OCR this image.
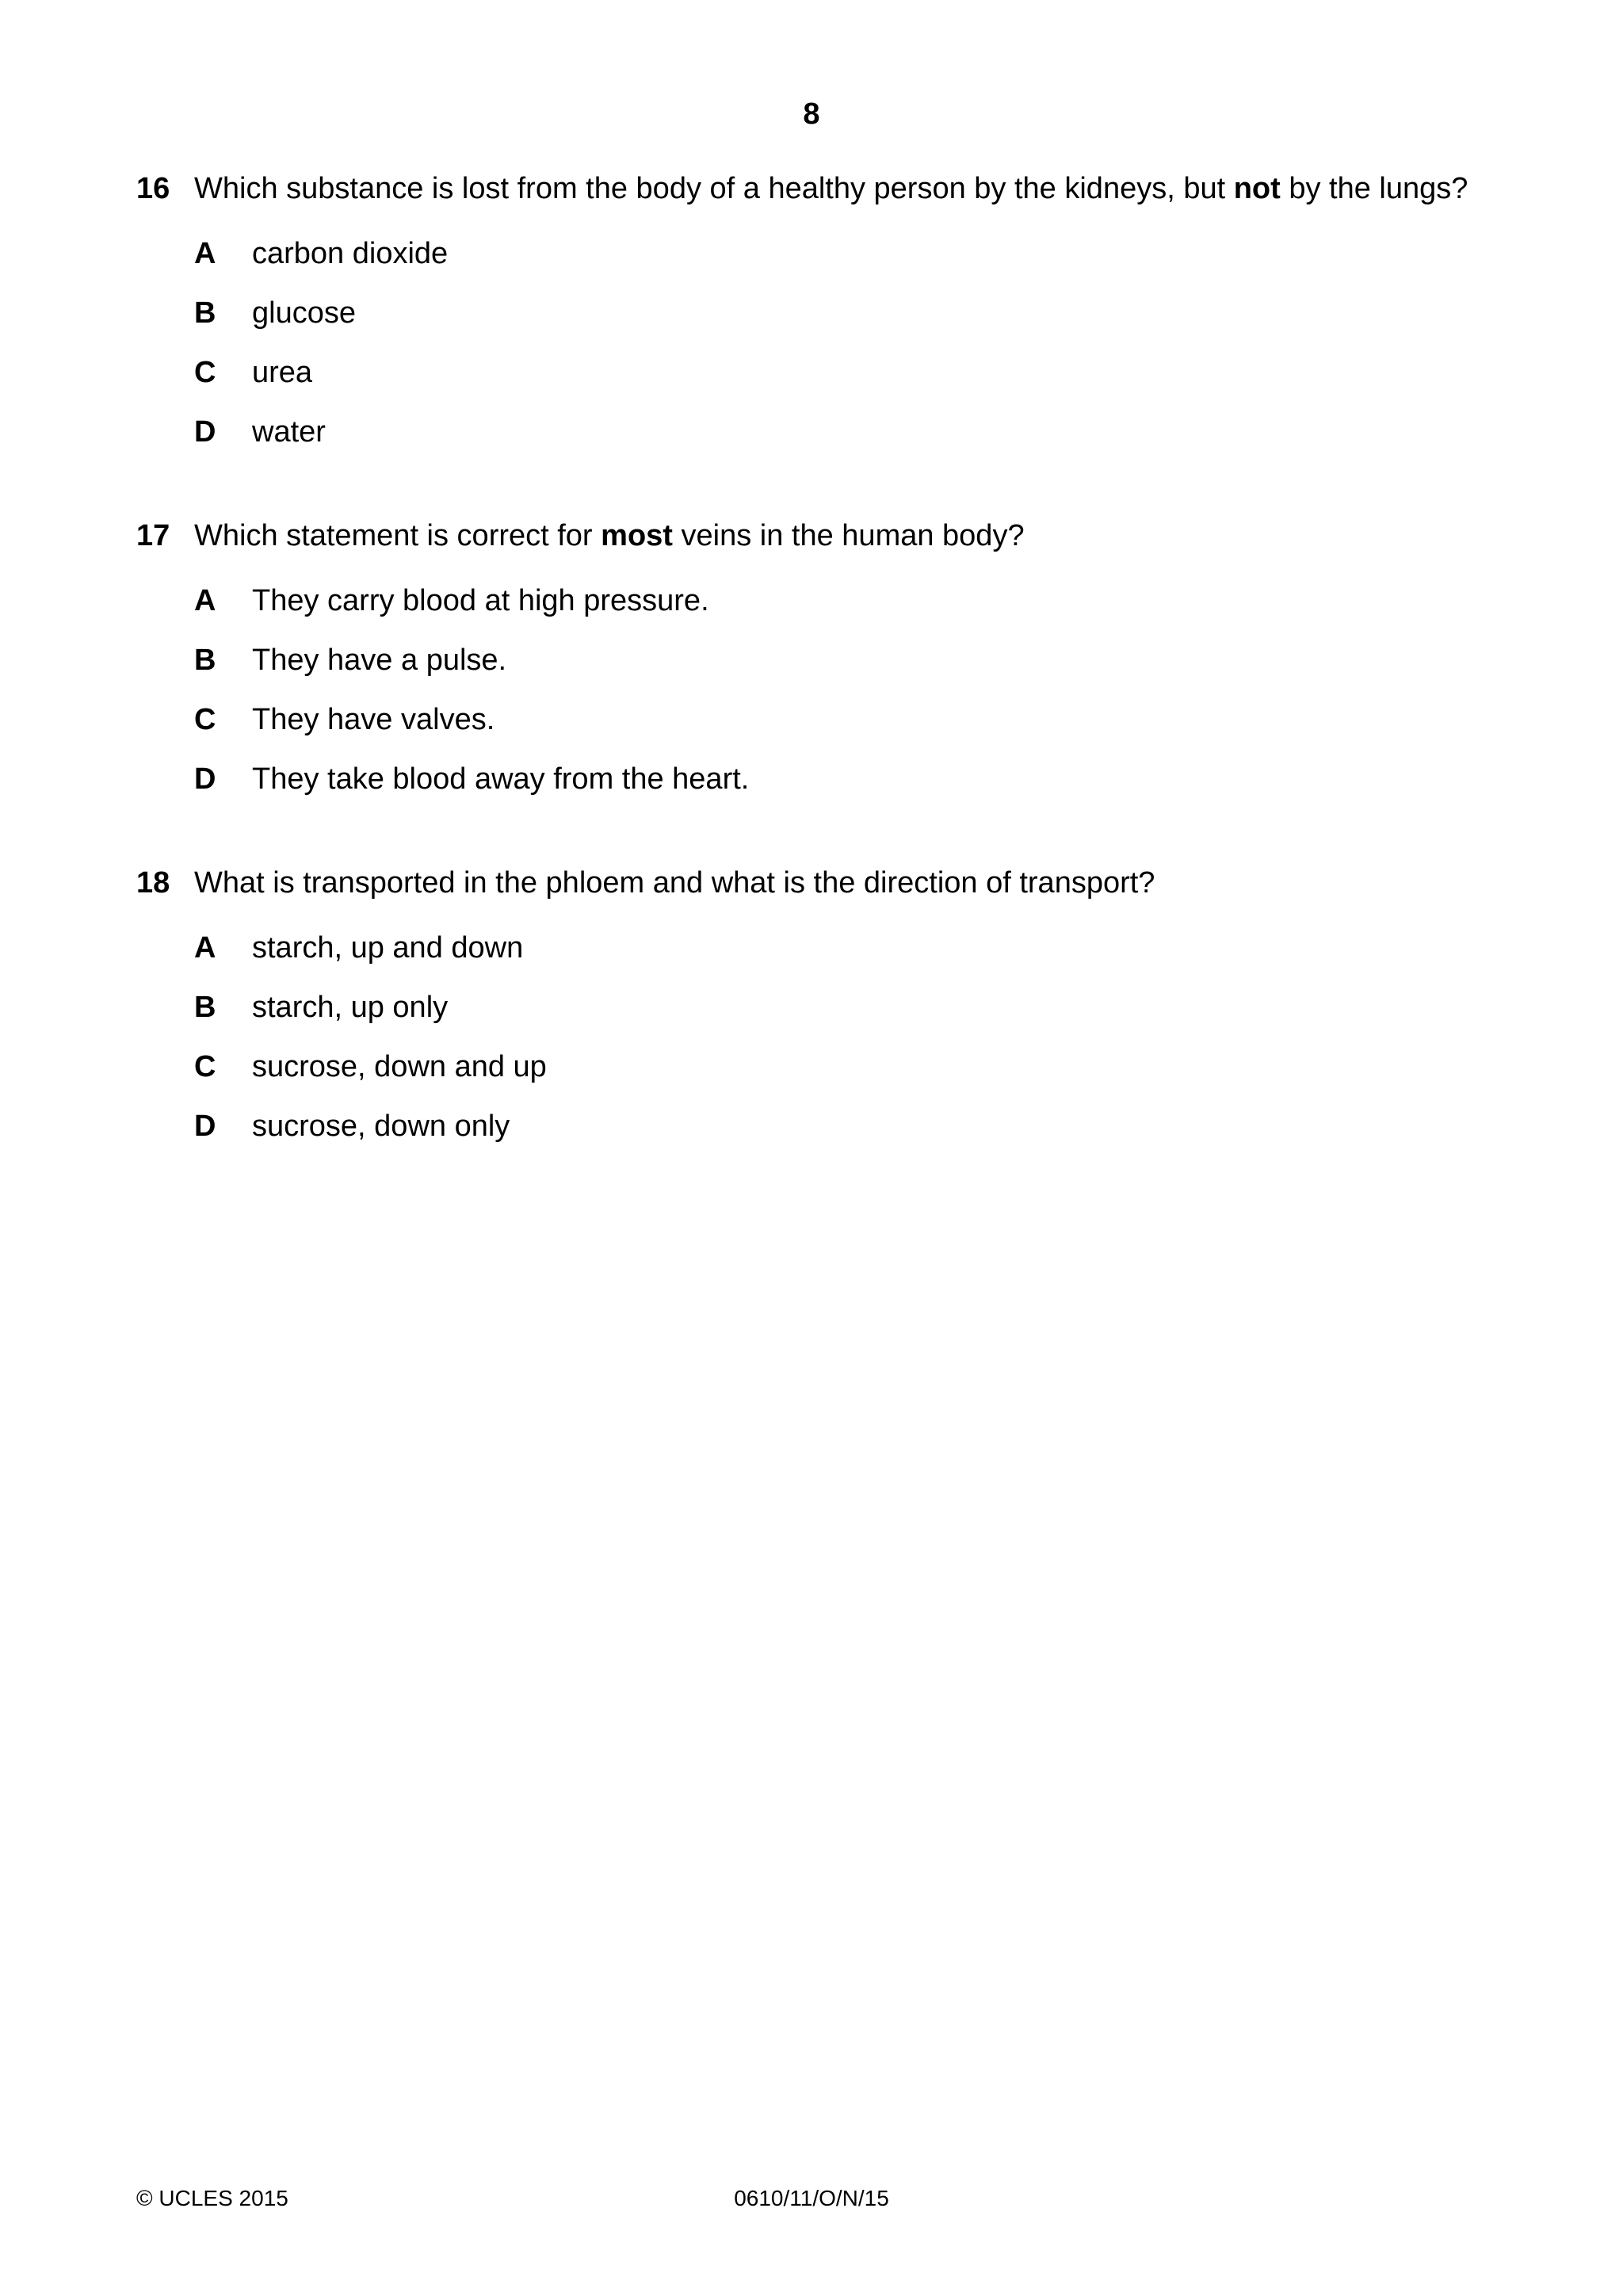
8
16 Which substance is lost from the body of a healthy person by the kidneys, but not by the lungs?
A	carbon dioxide
B	glucose
C	urea
D	water
17 Which statement is correct for most veins in the human body?
A	They carry blood at high pressure.
B	They have a pulse.
C	They have valves.
D	They take blood away from the heart.
18 What is transported in the phloem and what is the direction of transport?
A	starch, up and down
B	starch, up only
C	sucrose, down and up
D	sucrose, down only
© UCLES 2015	0610/11/O/N/15
